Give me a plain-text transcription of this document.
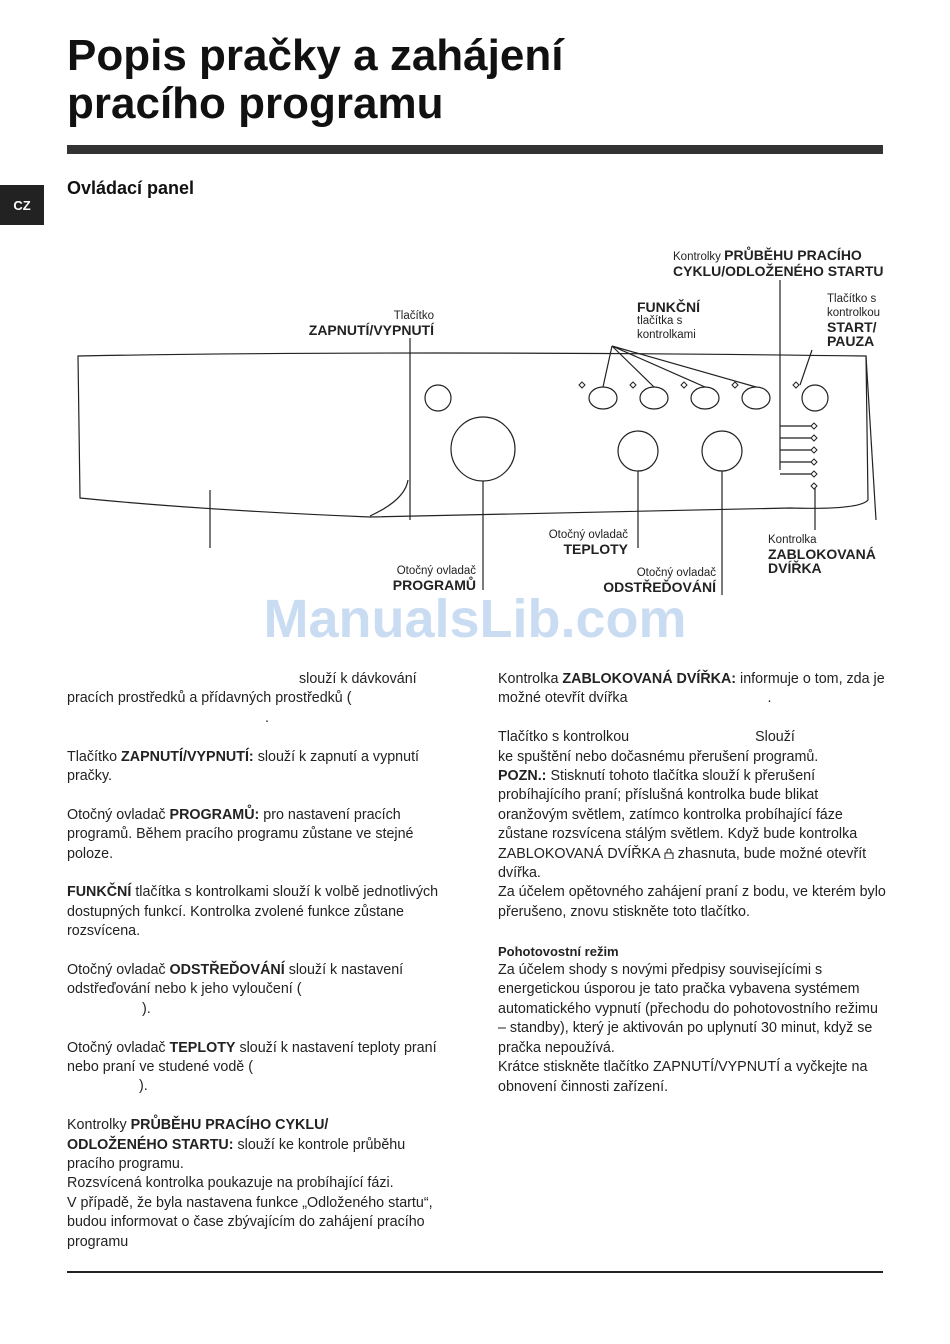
Popis pračky a zahájení
pracího programu
CZ
Ovládací panel
Kontrolky PRŮBĚHU PRACÍHO
CYKLU/ODLOŽENÉHO STARTU
Tlačítko
ZAPNUTÍ/VYPNUTÍ
FUNKČNÍ
tlačítka s
kontrolkami
Tlačítko s
kontrolkou
START/
PAUZA
Otočný ovladač
TEPLOTY
Kontrolka
ZABLOKOVANÁ
DVÍŘKA
Otočný ovladač
PROGRAMŮ
Otočný ovladač
ODSTŘEĎOVÁNÍ
ManualsLib.com

slouží k dávkování
pracích prostředků a přídavných prostředků (
.

Tlačítko ZAPNUTÍ/VYPNUTÍ: slouží k zapnutí a vypnutí pračky.

Otočný ovladač PROGRAMŮ: pro nastavení pracích programů. Během pracího programu zůstane ve stejné poloze.

FUNKČNÍ tlačítka s kontrolkami slouží k volbě jednotlivých dostupných funkcí. Kontrolka zvolené funkce zůstane rozsvícena.

Otočný ovladač ODSTŘEĎOVÁNÍ slouží k nastavení odstřeďování nebo k jeho vyloučení (
).

Otočný ovladač TEPLOTY slouží k nastavení teploty praní nebo praní ve studené vodě (
).

Kontrolky PRŮBĚHU PRACÍHO CYKLU/
ODLOŽENÉHO STARTU: slouží ke kontrole průběhu pracího programu.
Rozsvícená kontrolka poukazuje na probíhající fázi.
V případě, že byla nastavena funkce „Odloženého startu“, budou informovat o čase zbývajícím do zahájení pracího programu

Kontrolka ZABLOKOVANÁ DVÍŘKA: informuje o tom, zda je možné otevřít dvířka	.

Tlačítko s kontrolkou	Slouží
ke spuštění nebo dočasnému přerušení programů.
POZN.: Stisknutí tohoto tlačítka slouží k přerušení probíhajícího praní; příslušná kontrolka bude blikat oranžovým světlem, zatímco kontrolka probíhající fáze zůstane rozsvícena stálým světlem. Když bude kontrolka ZABLOKOVANÁ DVÍŘKA zhasnuta, bude možné otevřít dvířka.
Za účelem opětovného zahájení praní z bodu, ve kterém bylo přerušeno, znovu stiskněte toto tlačítko.

Pohotovostní režim
Za účelem shody s novými předpisy souvisejícími s energetickou úsporou je tato pračka vybavena systémem automatického vypnutí (přechodu do pohotovostního režimu – standby), který je aktivován po uplynutí 30 minut, když se pračka nepoužívá.
Krátce stiskněte tlačítko ZAPNUTÍ/VYPNUTÍ a vyčkejte na obnovení činnosti zařízení.
